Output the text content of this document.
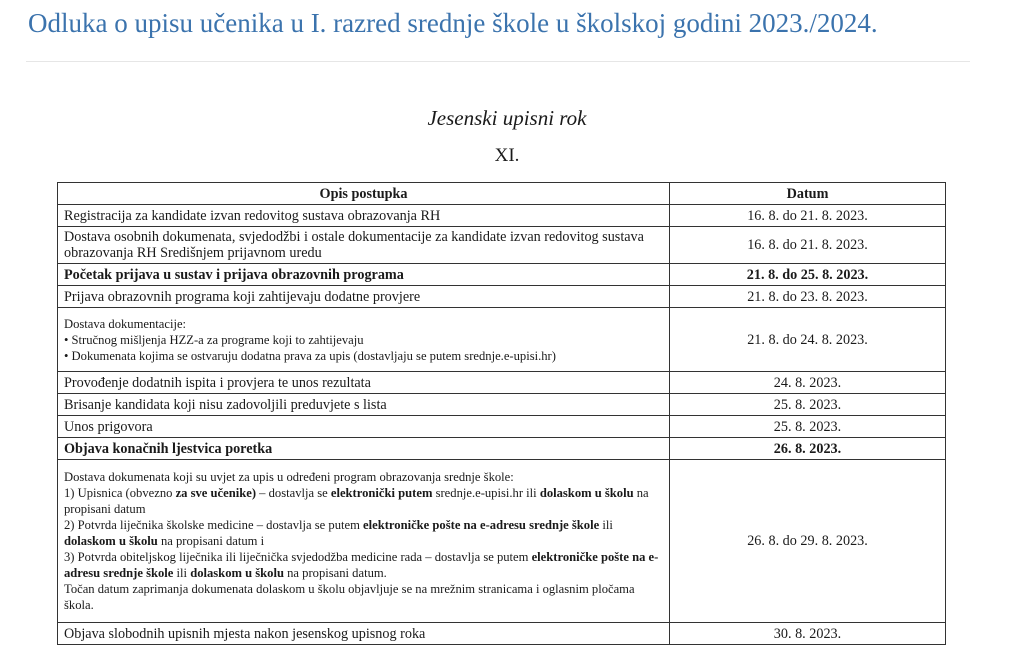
Odluka o upisu učenika u I. razred srednje škole u školskoj godini 2023./2024.
Jesenski upisni rok
XI.
Opis postupka	Datum
Registracija za kandidate izvan redovitog sustava obrazovanja RH	16. 8. do 21. 8. 2023.
Dostava osobnih dokumenata, svjedodžbi i ostale dokumentacije za kandidate izvan redovitog sustava obrazovanja RH Središnjem prijavnom uredu	16. 8. do 21. 8. 2023.
Početak prijava u sustav i prijava obrazovnih programa	21. 8. do 25. 8. 2023.
Prijava obrazovnih programa koji zahtijevaju dodatne provjere	21. 8. do 23. 8. 2023.

Dostava dokumentacije:
• Stručnog mišljenja HZZ-a za programe koji to zahtijevaju
• Dokumenata kojima se ostvaruju dodatna prava za upis (dostavljaju se putem srednje.e-upisi.hr)	21. 8. do 24. 8. 2023.
Provođenje dodatnih ispita i provjera te unos rezultata	24. 8. 2023.
Brisanje kandidata koji nisu zadovoljili preduvjete s lista	25. 8. 2023.
Unos prigovora	25. 8. 2023.
Objava konačnih ljestvica poretka	26. 8. 2023.

Dostava dokumenata koji su uvjet za upis u određeni program obrazovanja srednje škole:
1) Upisnica (obvezno za sve učenike) – dostavlja se elektronički putem srednje.e-upisi.hr ili dolaskom u školu na propisani datum
2) Potvrda liječnika školske medicine – dostavlja se putem elektroničke pošte na e-adresu srednje škole ili dolaskom u školu na propisani datum i
3) Potvrda obiteljskog liječnika ili liječnička svjedodžba medicine rada – dostavlja se putem elektroničke pošte na e-adresu srednje škole ili dolaskom u školu na propisani datum.
Točan datum zaprimanja dokumenata dolaskom u školu objavljuje se na mrežnim stranicama i oglasnim pločama škola.	26. 8. do 29. 8. 2023.
Objava slobodnih upisnih mjesta nakon jesenskog upisnog roka	30. 8. 2023.
